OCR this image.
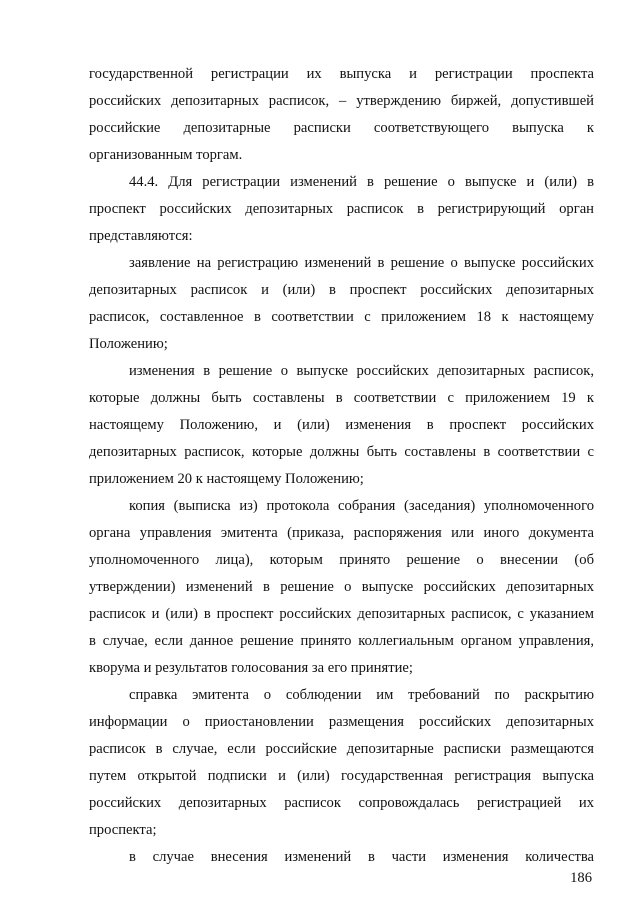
государственной регистрации их выпуска и регистрации проспекта
российских депозитарных расписок, – утверждению биржей, допустившей
российские депозитарные расписки соответствующего выпуска к
организованным торгам.
44.4. Для регистрации изменений в решение о выпуске и (или) в
проспект российских депозитарных расписок в регистрирующий орган
представляются:
заявление на регистрацию изменений в решение о выпуске российских
депозитарных расписок и (или) в проспект российских депозитарных
расписок, составленное в соответствии с приложением 18 к настоящему
Положению;
изменения в решение о выпуске российских депозитарных расписок,
которые должны быть составлены в соответствии с приложением 19 к
настоящему Положению, и (или) изменения в проспект российских
депозитарных расписок, которые должны быть составлены в соответствии с
приложением 20 к настоящему Положению;
копия (выписка из) протокола собрания (заседания) уполномоченного
органа управления эмитента (приказа, распоряжения или иного документа
уполномоченного лица), которым принято решение о внесении (об
утверждении) изменений в решение о выпуске российских депозитарных
расписок и (или) в проспект российских депозитарных расписок, с указанием
в случае, если данное решение принято коллегиальным органом управления,
кворума и результатов голосования за его принятие;
справка эмитента о соблюдении им требований по раскрытию
информации о приостановлении размещения российских депозитарных
расписок в случае, если российские депозитарные расписки размещаются
путем открытой подписки и (или) государственная регистрация выпуска
российских депозитарных расписок сопровождалась регистрацией их
проспекта;
в случае внесения изменений в части изменения количества
186
